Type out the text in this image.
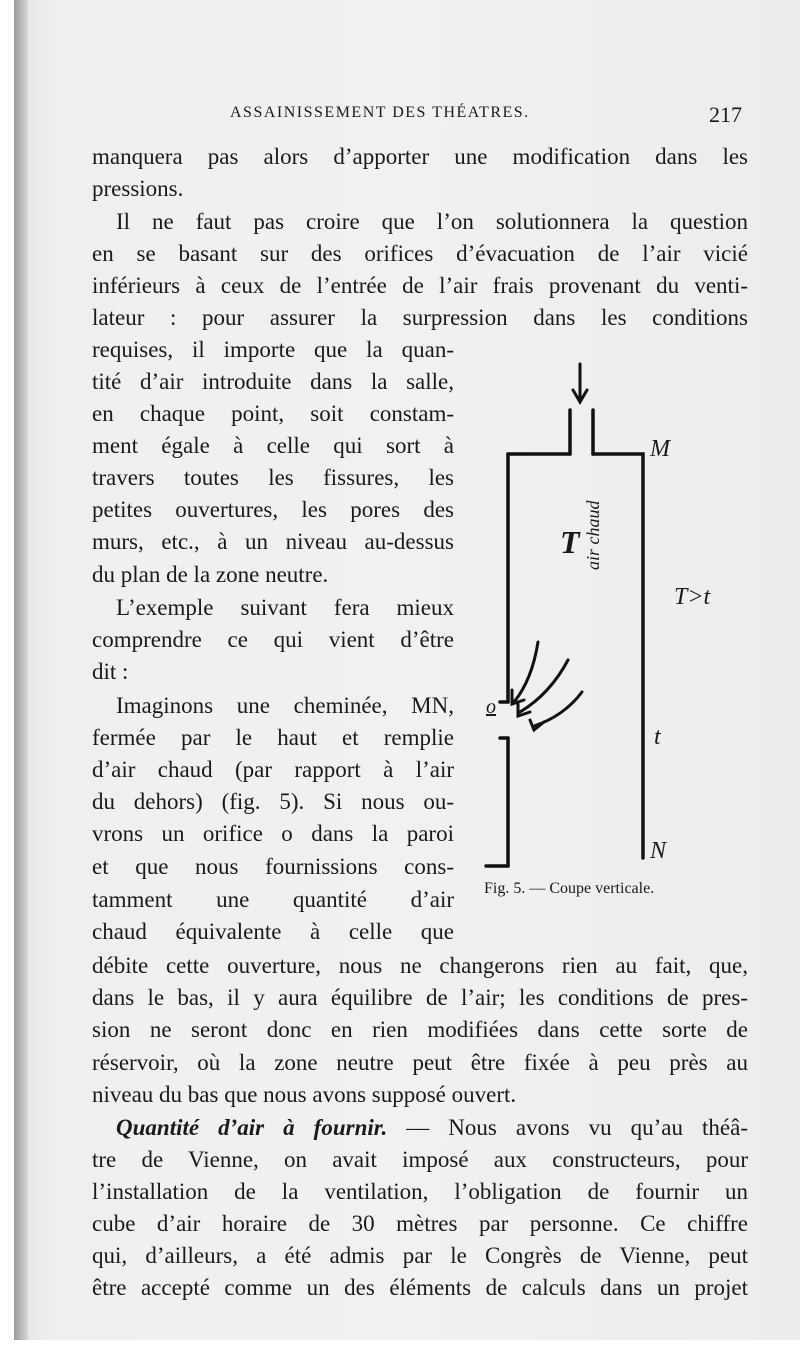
ASSAINISSEMENT DES THÉATRES.	217
manquera pas alors d’apporter une modification dans les
pressions.
Il ne faut pas croire que l’on solutionnera la question
en se basant sur des orifices d’évacuation de l’air vicié
inférieurs à ceux de l’entrée de l’air frais provenant du venti-
lateur : pour assurer la surpression dans les conditions
requises, il importe que la quan-
tité d’air introduite dans la salle,
en chaque point, soit constam-
ment égale à celle qui sort à
travers toutes les fissures, les
petites ouvertures, les pores des
murs, etc., à un niveau au-dessus
du plan de la zone neutre.
L’exemple suivant fera mieux
comprendre ce qui vient d’être
dit :
Imaginons une cheminée, MN,
fermée par le haut et remplie
d’air chaud (par rapport à l’air
du dehors) (fig. 5). Si nous ou-
vrons un orifice o dans la paroi
et que nous fournissions cons-
tamment une quantité d’air
chaud équivalente à celle que
débite cette ouverture, nous ne changerons rien au fait, que,
dans le bas, il y aura équilibre de l’air; les conditions de pres-
sion ne seront donc en rien modifiées dans cette sorte de
réservoir, où la zone neutre peut être fixée à peu près au
niveau du bas que nous avons supposé ouvert.
Quantité d’air à fournir. — Nous avons vu qu’au théâ-
tre de Vienne, on avait imposé aux constructeurs, pour
l’installation de la ventilation, l’obligation de fournir un
cube d’air horaire de 30 mètres par personne. Ce chiffre
qui, d’ailleurs, a été admis par le Congrès de Vienne, peut
être accepté comme un des éléments de calculs dans un projet
M
N
o
T
t
T>t
air chaud
Fig. 5. — Coupe verticale.
